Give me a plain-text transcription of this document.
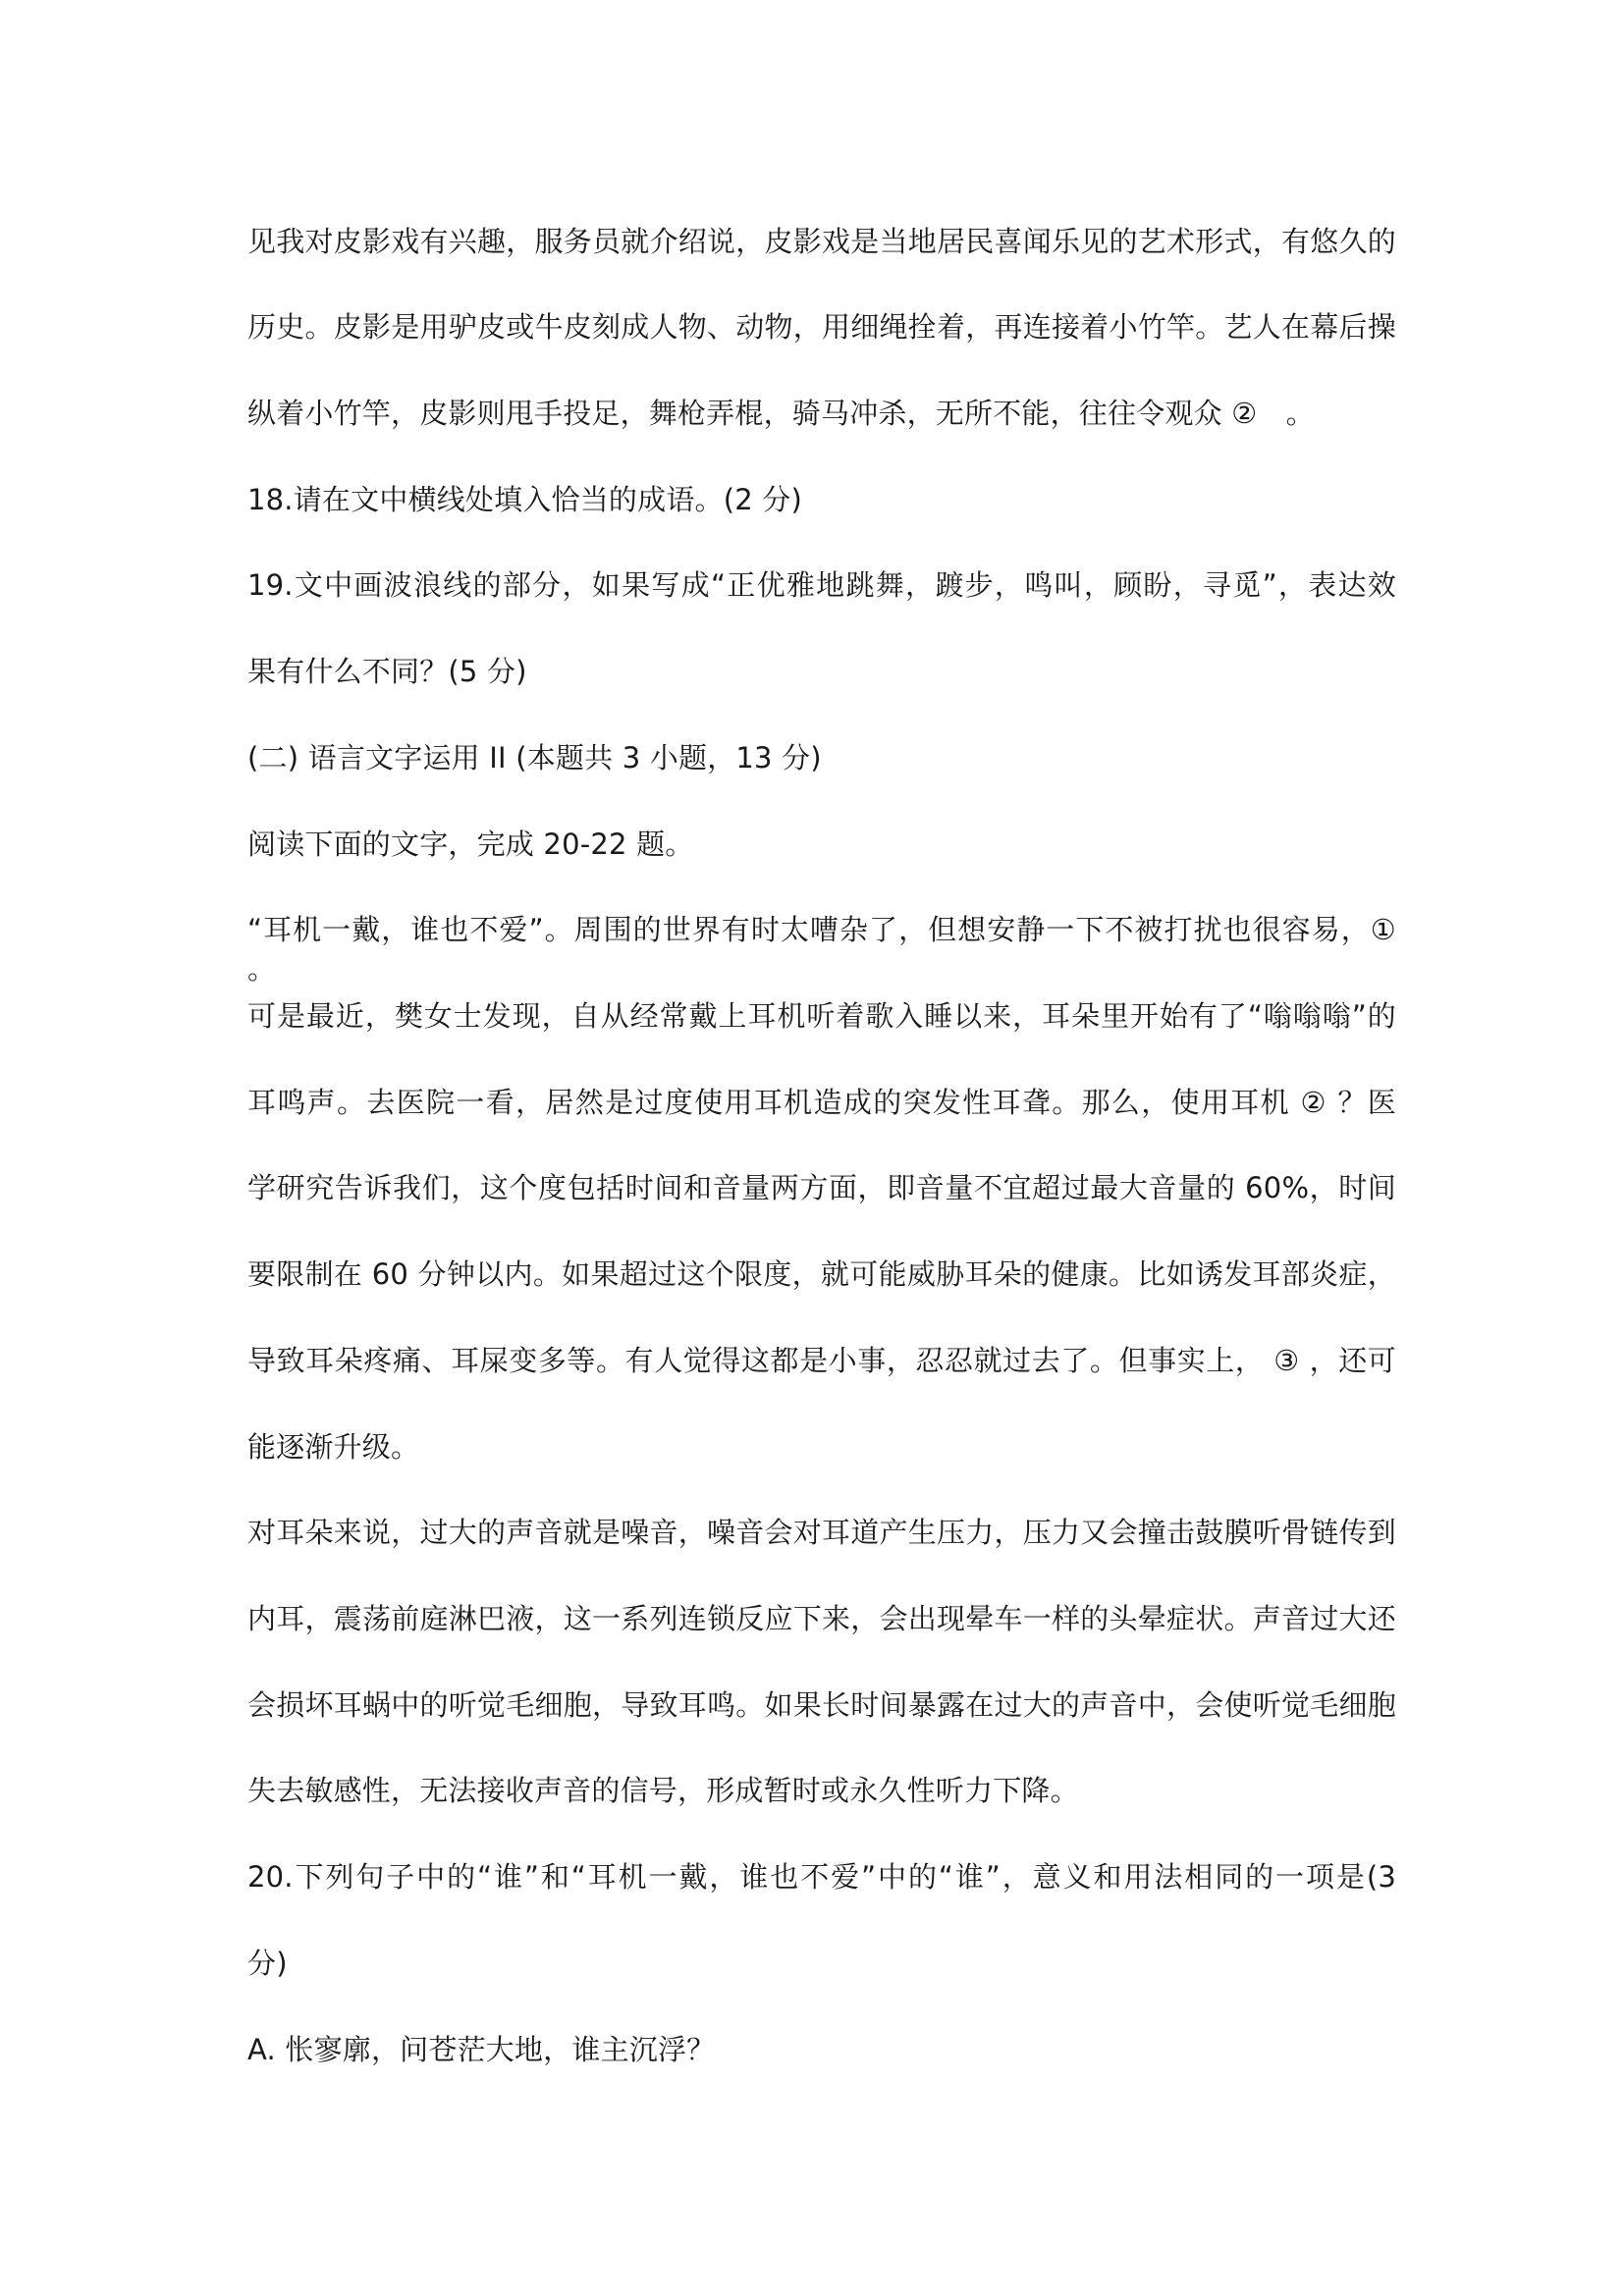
见我对皮影戏有兴趣，服务员就介绍说，皮影戏是当地居民喜闻乐见的艺术形式，有悠久的
历史。皮影是用驴皮或牛皮刻成人物、动物，用细绳拴着，再连接着小竹竿。艺人在幕后操
纵着小竹竿，皮影则甩手投足，舞枪弄棍，骑马冲杀，无所不能，往往令观众 ②　。
18.请在文中横线处填入恰当的成语。(2 分)
19.文中画波浪线的部分，如果写成“正优雅地跳舞，踱步，鸣叫，顾盼，寻觅”，表达效
果有什么不同？(5 分)
(二) 语言文字运用 II (本题共 3 小题，13 分)
阅读下面的文字，完成 20-22 题。
“耳机一戴，谁也不爱”。周围的世界有时太嘈杂了，但想安静一下不被打扰也很容易，① 。
可是最近，樊女士发现，自从经常戴上耳机听着歌入睡以来，耳朵里开始有了“嗡嗡嗡”的
耳鸣声。去医院一看，居然是过度使用耳机造成的突发性耳聋。那么，使用耳机 ② ？医
学研究告诉我们，这个度包括时间和音量两方面，即音量不宜超过最大音量的 60%，时间
要限制在 60 分钟以内。如果超过这个限度，就可能威胁耳朵的健康。比如诱发耳部炎症，
导致耳朵疼痛、耳屎变多等。有人觉得这都是小事，忍忍就过去了。但事实上， ③ ，还可
能逐渐升级。
对耳朵来说，过大的声音就是噪音，噪音会对耳道产生压力，压力又会撞击鼓膜听骨链传到
内耳，震荡前庭淋巴液，这一系列连锁反应下来，会出现晕车一样的头晕症状。声音过大还
会损坏耳蜗中的听觉毛细胞，导致耳鸣。如果长时间暴露在过大的声音中，会使听觉毛细胞
失去敏感性，无法接收声音的信号，形成暂时或永久性听力下降。
20.下列句子中的“谁”和“耳机一戴，谁也不爱”中的“谁”，意义和用法相同的一项是(3
分)
A. 怅寥廓，问苍茫大地，谁主沉浮？
